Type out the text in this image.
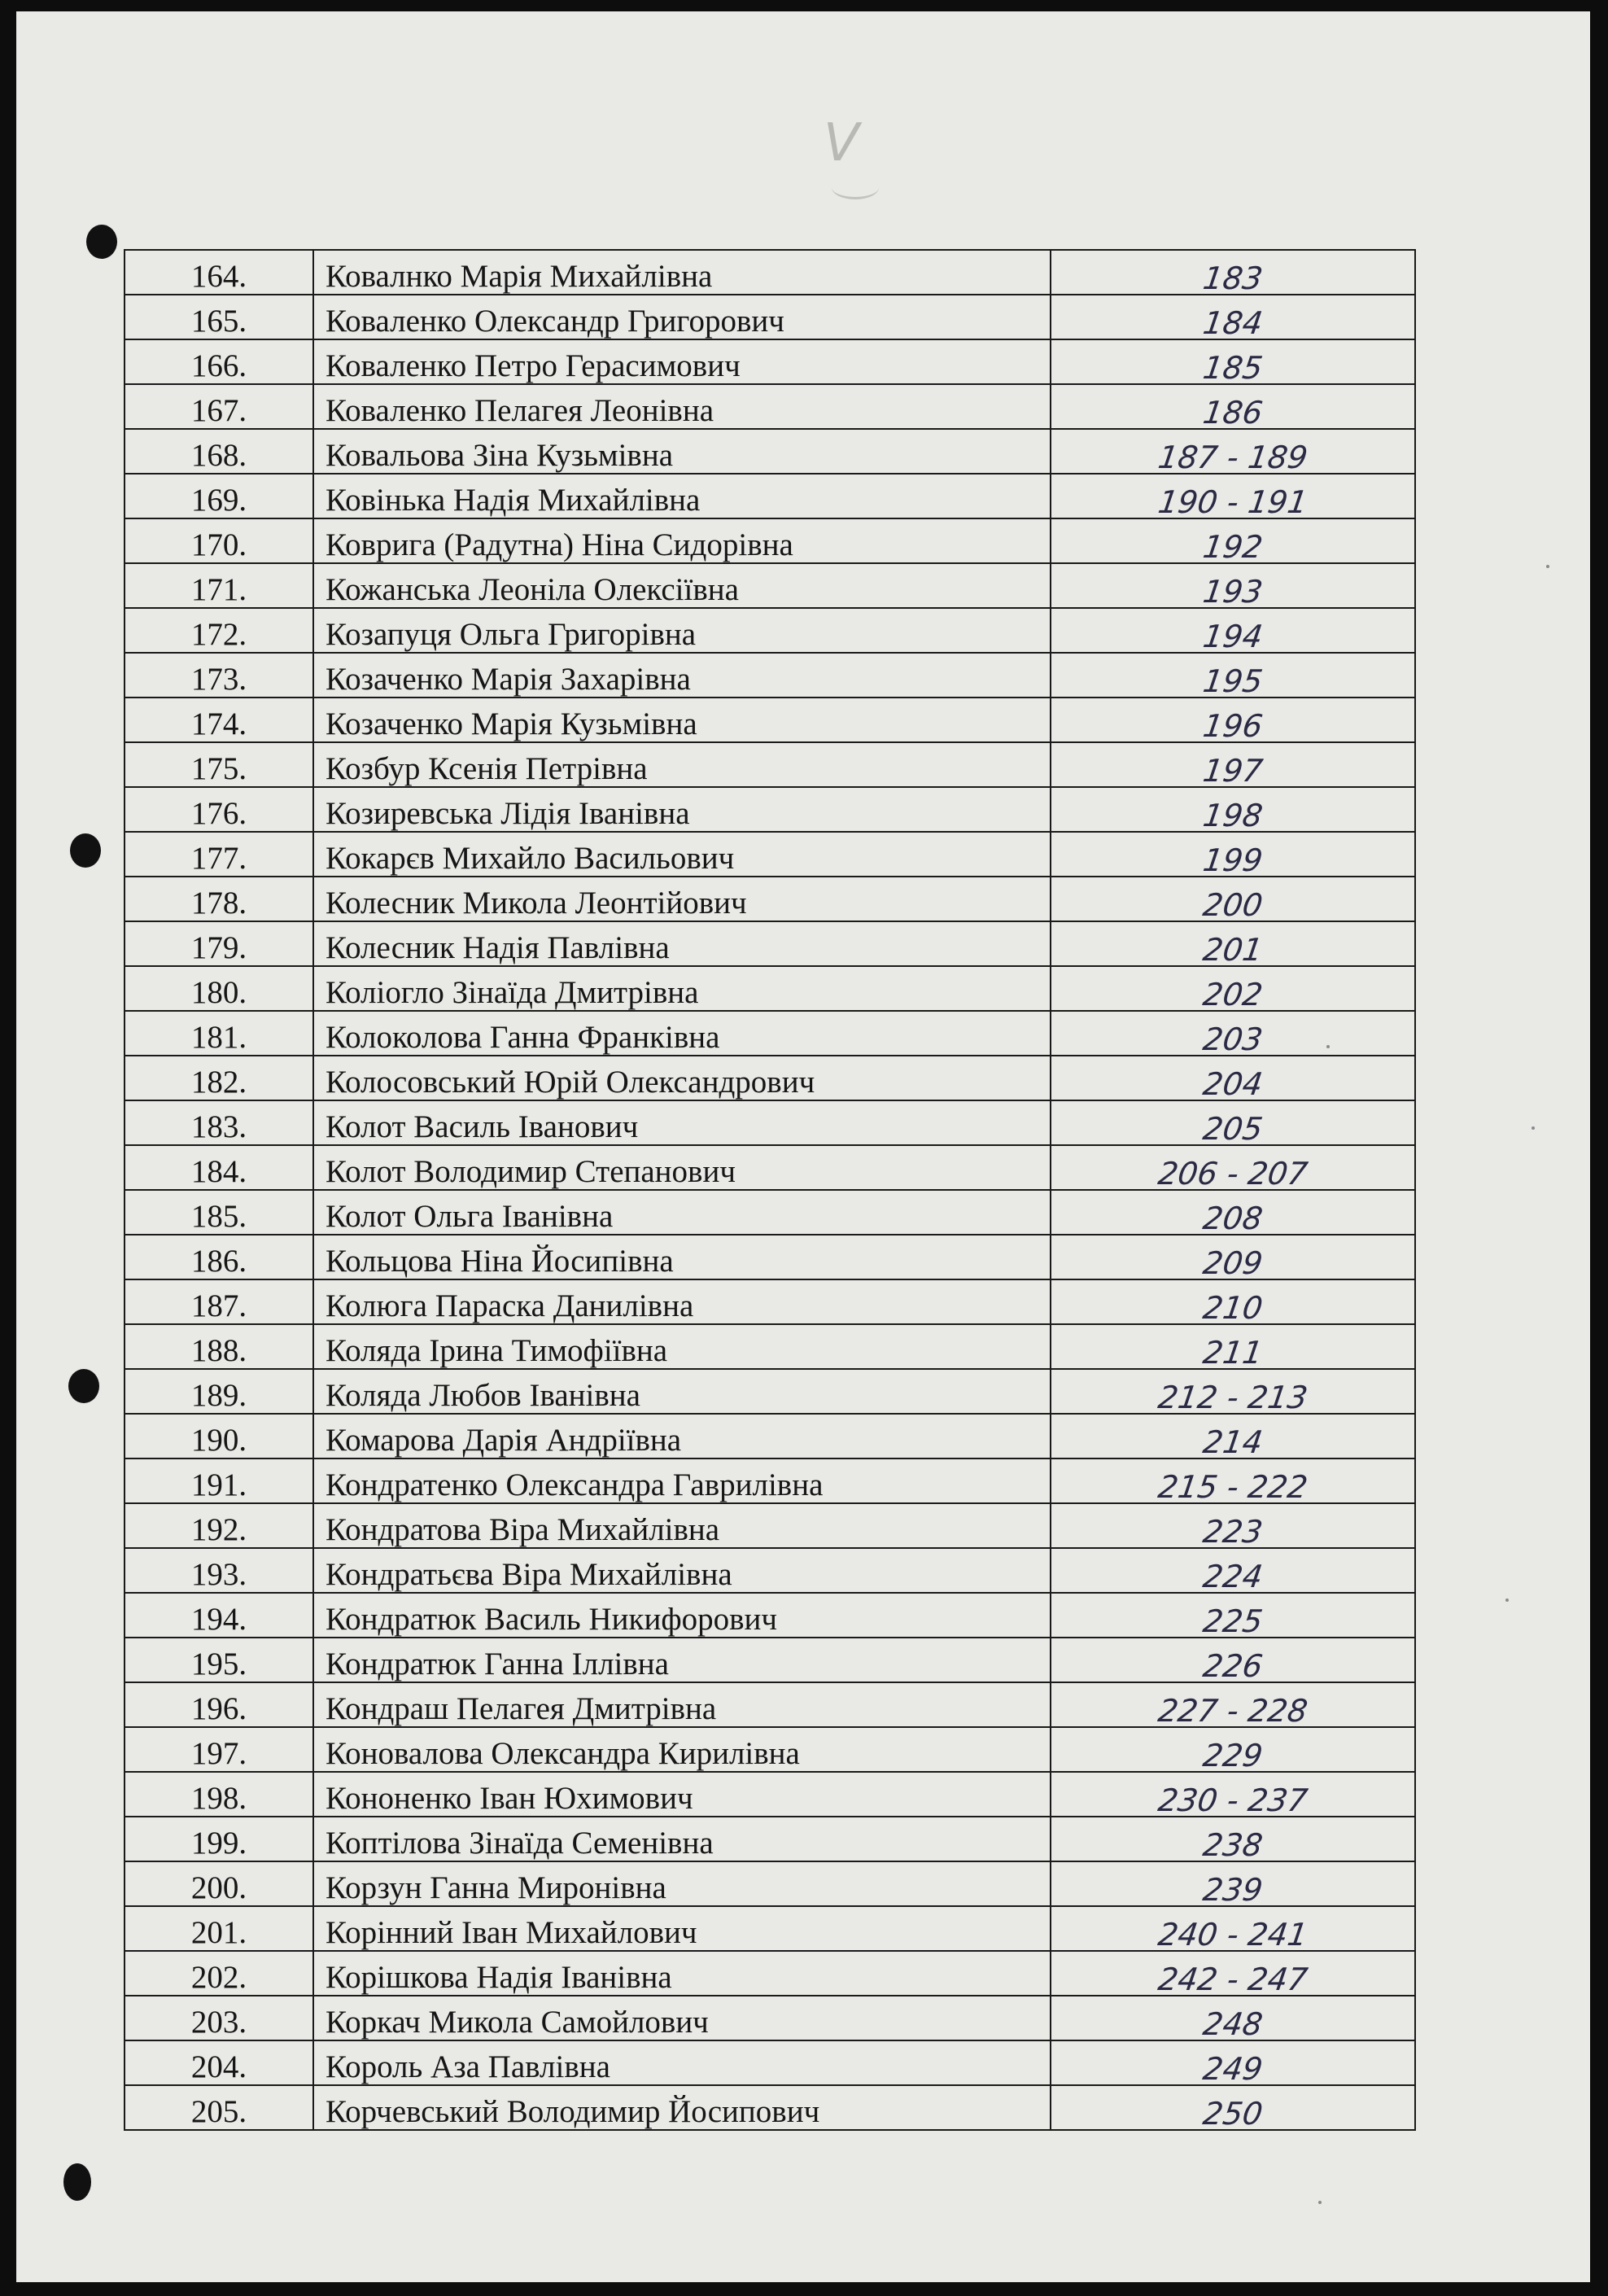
V
164.	Ковалнко Марія Михайлівна	183

165.	Коваленко Олександр Григорович	184

166.	Коваленко Петро Герасимович	185

167.	Коваленко Пелагея Леонівна	186

168.	Ковальова Зіна Кузьмівна	187 - 189

169.	Ковінька Надія Михайлівна	190 - 191

170.	Коврига (Радутна) Ніна Сидорівна	192

171.	Кожанська Леоніла Олексіївна	193

172.	Козапуця Ольга Григорівна	194

173.	Козаченко Марія Захарівна	195

174.	Козаченко Марія Кузьмівна	196

175.	Козбур Ксенія Петрівна	197

176.	Козиревська Лідія Іванівна	198

177.	Кокарєв Михайло Васильович	199

178.	Колесник Микола Леонтійович	200

179.	Колесник Надія Павлівна	201

180.	Коліогло Зінаїда Дмитрівна	202

181.	Колоколова Ганна Франківна	203

182.	Колосовський Юрій Олександрович	204

183.	Колот Василь Іванович	205

184.	Колот Володимир Степанович	206 - 207

185.	Колот Ольга Іванівна	208

186.	Кольцова Ніна Йосипівна	209

187.	Колюга Параска Данилівна	210

188.	Коляда Ірина Тимофіївна	211

189.	Коляда Любов Іванівна	212 - 213

190.	Комарова Дарія Андріївна	214

191.	Кондратенко Олександра Гаврилівна	215 - 222

192.	Кондратова Віра Михайлівна	223

193.	Кондратьєва Віра Михайлівна	224

194.	Кондратюк Василь Никифорович	225

195.	Кондратюк Ганна Іллівна	226

196.	Кондраш Пелагея Дмитрівна	227 - 228

197.	Коновалова Олександра Кирилівна	229

198.	Кононенко Іван Юхимович	230 - 237

199.	Коптілова Зінаїда Семенівна	238

200.	Корзун Ганна Миронівна	239

201.	Корінний Іван Михайлович	240 - 241

202.	Корішкова Надія Іванівна	242 - 247

203.	Коркач Микола Самойлович	248

204.	Король Аза Павлівна	249

205.	Корчевський Володимир Йосипович	250
